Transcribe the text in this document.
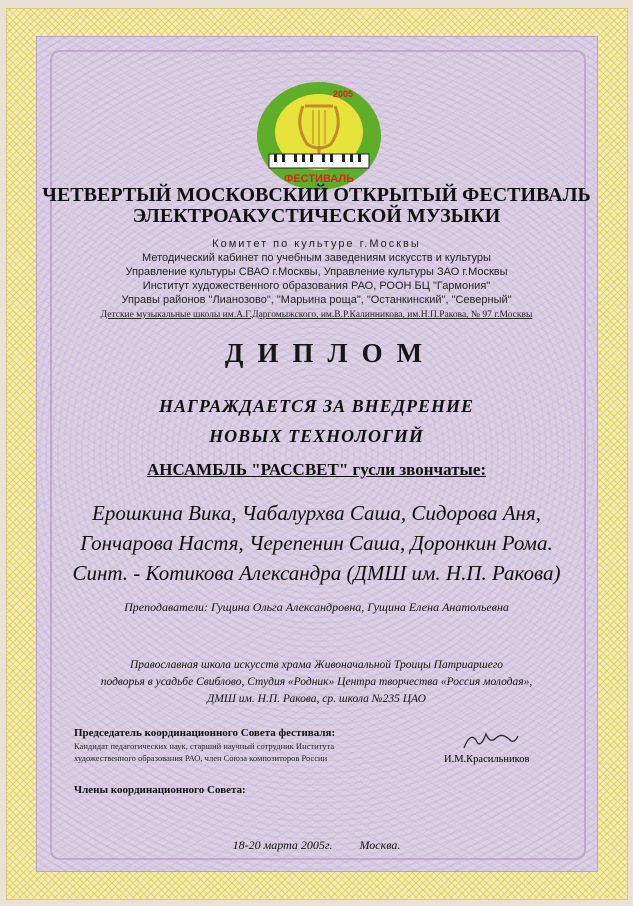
2005
ФЕСТИВАЛЬ
ЧЕТВЕРТЫЙ МОСКОВСКИЙ ОТКРЫТЫЙ ФЕСТИВАЛЬ
ЭЛЕКТРОАКУСТИЧЕСКОЙ МУЗЫКИ
Комитет по культуре г.Москвы
Методический кабинет по учебным заведениям искусств и культуры
Управление культуры СВАО г.Москвы, Управление культуры ЗАО г.Москвы
Институт художественного образования РАО, РООН БЦ "Гармония"
Управы районов "Лианозово", "Марьина роща", "Останкинский", "Северный"
Детские музыкальные школы им.А.Г.Даргомыжского, им.В.Р.Калинникова, им.Н.П.Ракова, № 97 г.Москвы
ДИПЛОМ
НАГРАЖДАЕТСЯ ЗА ВНЕДРЕНИЕ
НОВЫХ ТЕХНОЛОГИЙ
АНСАМБЛЬ "РАССВЕТ" гусли звончатые:
Ерошкина Вика, Чабалурхва Саша, Сидорова Аня,
Гончарова Настя, Черепенин Саша, Доронкин Рома.
Синт. - Котикова Александра (ДМШ им. Н.П. Ракова)
Преподаватели: Гущина Ольга Александровна, Гущина Елена Анатольевна
Православная школа искусств храма Живоначальной Троицы Патриаршего
подворья в усадьбе Свиблово, Студия «Родник» Центра творчества «Россия молодая»,
ДМШ им. Н.П. Ракова, ср. школа №235 ЦАО
Председатель координационного Совета фестиваля:
Кандидат педагогических наук, старший научный сотрудник Института
художественного образования РАО, член Союза композиторов России	И.М.Красильников
Члены координационного Совета:
18-20 марта 2005г. Москва.
